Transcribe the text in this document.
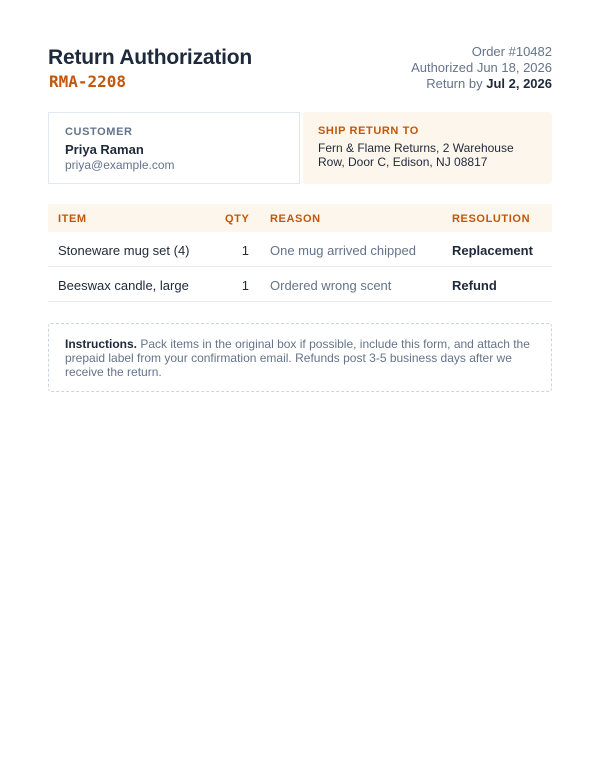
Return Authorization
RMA-2208
Order #10482
Authorized Jun 18, 2026
Return by Jul 2, 2026
CUSTOMER
Priya Raman
priya@example.com
SHIP RETURN TO
Fern & Flame Returns, 2 Warehouse Row, Door C, Edison, NJ 08817
ITEM	QTY REASON	RESOLUTION
Stoneware mug set (4)	1 One mug arrived chipped	Replacement
Beeswax candle, large	1 Ordered wrong scent	Refund
Instructions. Pack items in the original box if possible, include this form, and attach the prepaid label from your confirmation email. Refunds post 3-5 business days after we receive the return.
